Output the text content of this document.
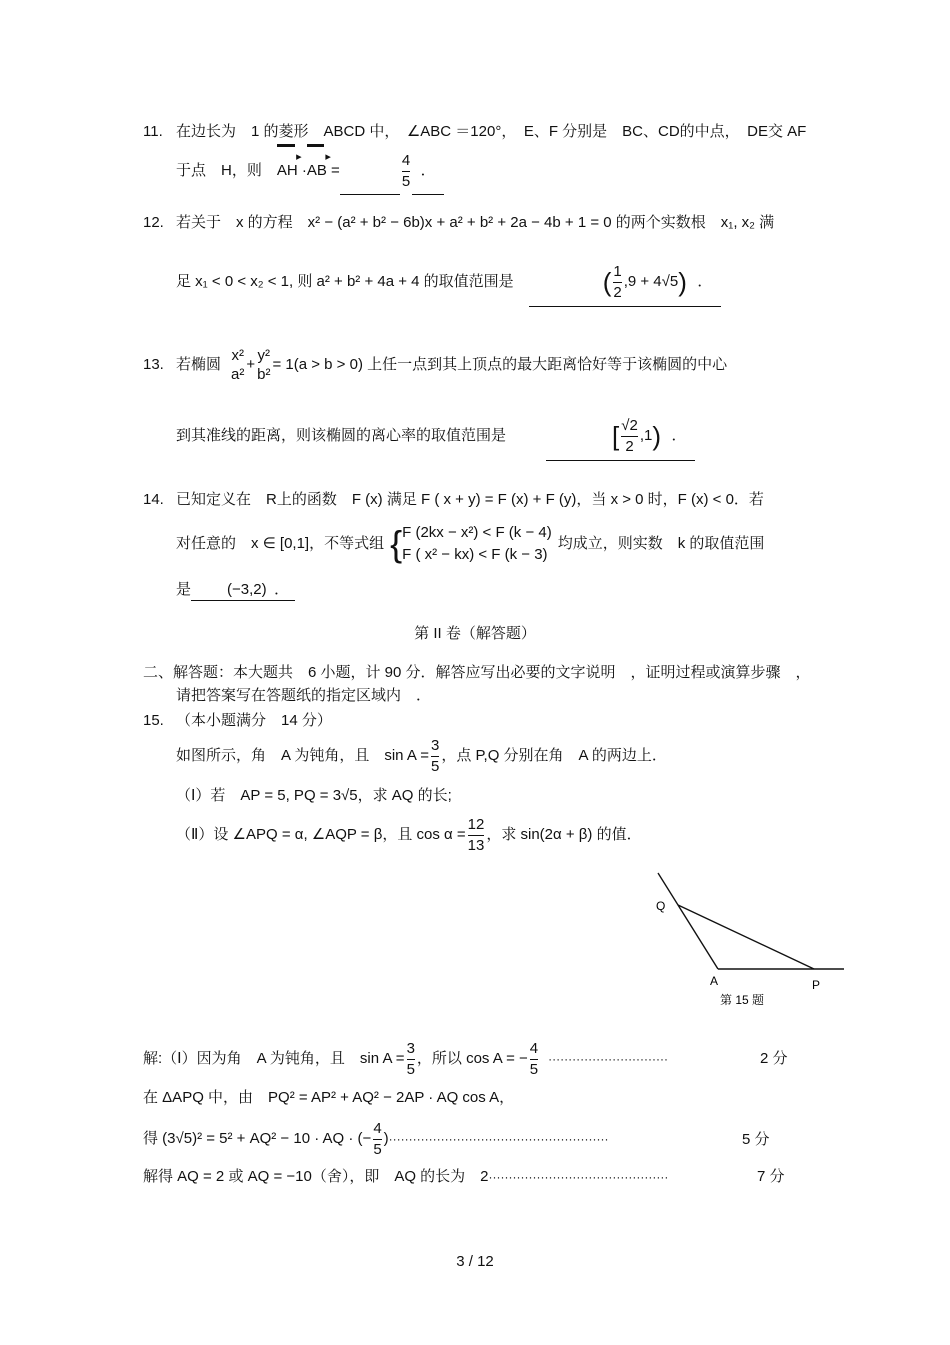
11. 在边长为　1 的菱形　ABCD 中，　∠ABC ＝120°，　E、F 分别是　BC、CD的中点，　DE交 AF
于点　H，则　AH ▸ ·AB ▸ =	$\frac{4}{5}$ ．
12. 若关于　x 的方程　x² − (a² + b² − 6b)x + a² + b² + 2a − 4b + 1 = 0 的两个实数根　x₁, x₂ 满
足 x₁ < 0 < x₂ < 1, 则 a² + b² + 4a + 4 的取值范围是　	( $\frac{1}{2} ,9 + 4√5$) ．
13. 若椭圆
x²
a²
+
y²
b²
= 1(a > b > 0) 上任一点到其上顶点的最大距离恰好等于该椭圆的中心
到其准线的距离，则该椭圆的离心率的取值范围是	[ $\frac{√2}{2} ,1$) ．
14. 已知定义在　R上的函数　F (x) 满足 F ( x + y) = F (x) + F (y)，当 x > 0 时，F (x) < 0．若
对任意的　x ∈ [0,1]，不等式组 { F (2kx − x²) < F (k − 4)
F ( x² − kx) < F (k − 3)
均成立，则实数　k 的取值范围
是 (−3,2) ．
第 II 卷（解答题）
二、解答题：本大题共　6 小题，计 90 分．解答应写出必要的文字说明　，证明过程或演算步骤　，
请把答案写在答题纸的指定区域内　．
15. （本小题满分　14 分）
如图所示，角　A 为钝角，且　$\sin A = \frac{3}{5}$ ，点 P,Q 分别在角　A 的两边上．
（Ⅰ）若　AP = 5, PQ = 3√5，求 AQ 的长;
（Ⅱ）设 ∠APQ = α, ∠AQP = β，且 $\cos \alpha = \frac{12}{13}$ ，求 sin(2α + β) 的值．
Q
A	P
第 15 题
解:（Ⅰ）因为角　A 为钝角，且　$\sin A = \frac{3}{5}$ ，所以 cos A = − $\frac{4}{5}$ ······························	2 分
在 ΔAPQ 中，由　PQ² = AP² + AQ² − 2AP · AQ cos A，
得 (3√5)² = 5² + AQ² − 10 · AQ · (− $\frac{4}{5}$ )·······················································	5 分
解得 AQ = 2 或 AQ = −10（舍），即　AQ 的长为　2·············································	7 分
3 / 12
